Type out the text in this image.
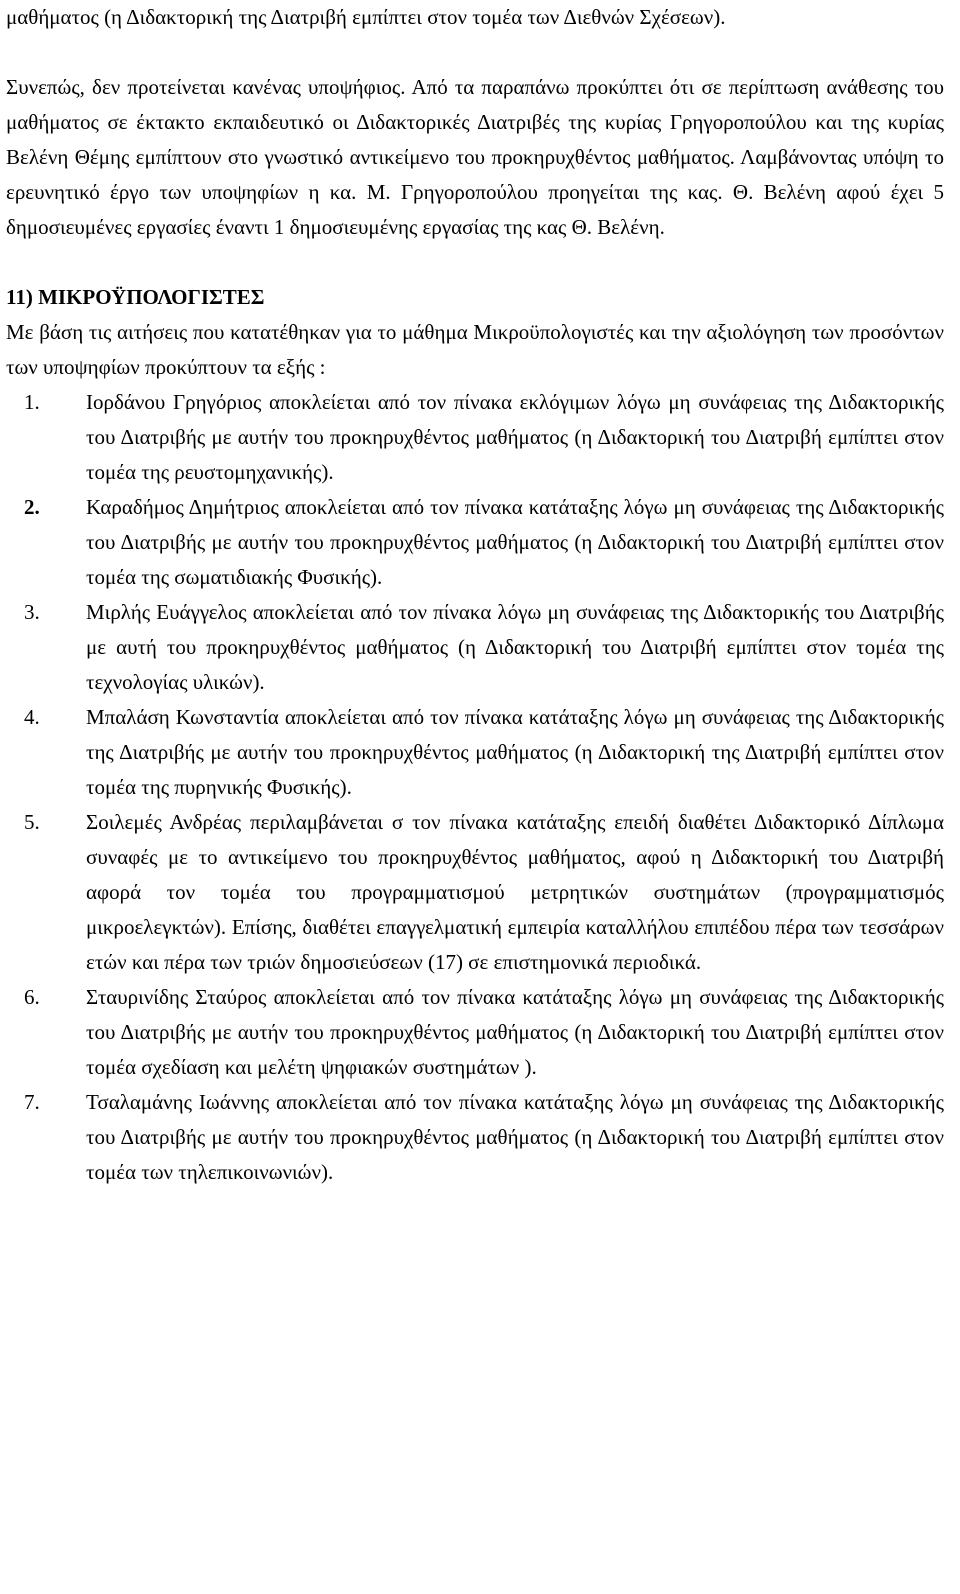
μαθήματος (η Διδακτορική της Διατριβή εμπίπτει στον τομέα των Διεθνών Σχέσεων).

Συνεπώς, δεν προτείνεται κανένας υποψήφιος. Από τα παραπάνω προκύπτει ότι σε περίπτωση ανάθεσης του μαθήματος σε έκτακτο εκπαιδευτικό οι Διδακτορικές Διατριβές της κυρίας Γρηγοροπούλου και της κυρίας Βελένη Θέμης εμπίπτουν στο γνωστικό αντικείμενο του προκηρυχθέντος μαθήματος. Λαμβάνοντας υπόψη το ερευνητικό έργο των υποψηφίων η κα. Μ. Γρηγοροπούλου προηγείται της κας. Θ. Βελένη αφού έχει 5 δημοσιευμένες εργασίες έναντι 1 δημοσιευμένης εργασίας της κας Θ. Βελένη.

11) ΜΙΚΡΟΫΠΟΛΟΓΙΣΤΕΣ

Με βάση τις αιτήσεις που κατατέθηκαν για το μάθημα Μικροϋπολογιστές και την αξιολόγηση των προσόντων των υποψηφίων προκύπτουν τα εξής :

1. Ιορδάνου Γρηγόριος αποκλείεται από τον πίνακα εκλόγιμων λόγω μη συνάφειας της Διδακτορικής του Διατριβής με αυτήν του προκηρυχθέντος μαθήματος (η Διδακτορική του Διατριβή εμπίπτει στον τομέα της ρευστομηχανικής).
2. Καραδήμος Δημήτριος αποκλείεται από τον πίνακα κατάταξης λόγω μη συνάφειας της Διδακτορικής του Διατριβής με αυτήν του προκηρυχθέντος μαθήματος (η Διδακτορική του Διατριβή εμπίπτει στον τομέα της σωματιδιακής Φυσικής).
3. Μιρλής Ευάγγελος αποκλείεται από τον πίνακα λόγω μη συνάφειας της Διδακτορικής του Διατριβής με αυτή του προκηρυχθέντος μαθήματος (η Διδακτορική του Διατριβή εμπίπτει στον τομέα της τεχνολογίας υλικών).
4. Μπαλάση Κωνσταντία αποκλείεται από τον πίνακα κατάταξης λόγω μη συνάφειας της Διδακτορικής της Διατριβής με αυτήν του προκηρυχθέντος μαθήματος (η Διδακτορική της Διατριβή εμπίπτει στον τομέα της πυρηνικής Φυσικής).
5. Σοιλεμές Ανδρέας περιλαμβάνεται σ τον πίνακα κατάταξης επειδή διαθέτει Διδακτορικό Δίπλωμα συναφές με το αντικείμενο του προκηρυχθέντος μαθήματος, αφού η Διδακτορική του Διατριβή αφορά τον τομέα του προγραμματισμού μετρητικών συστημάτων (προγραμματισμός μικροελεγκτών). Επίσης, διαθέτει επαγγελματική εμπειρία καταλλήλου επιπέδου πέρα των τεσσάρων ετών και πέρα των τριών δημοσιεύσεων (17) σε επιστημονικά περιοδικά.
6. Σταυρινίδης Σταύρος αποκλείεται από τον πίνακα κατάταξης λόγω μη συνάφειας της Διδακτορικής του Διατριβής με αυτήν του προκηρυχθέντος μαθήματος (η Διδακτορική του Διατριβή εμπίπτει στον τομέα σχεδίαση και μελέτη ψηφιακών συστημάτων ).
7. Τσαλαμάνης Ιωάννης αποκλείεται από τον πίνακα κατάταξης λόγω μη συνάφειας της Διδακτορικής του Διατριβής με αυτήν του προκηρυχθέντος μαθήματος (η Διδακτορική του Διατριβή εμπίπτει στον τομέα των τηλεπικοινωνιών).
